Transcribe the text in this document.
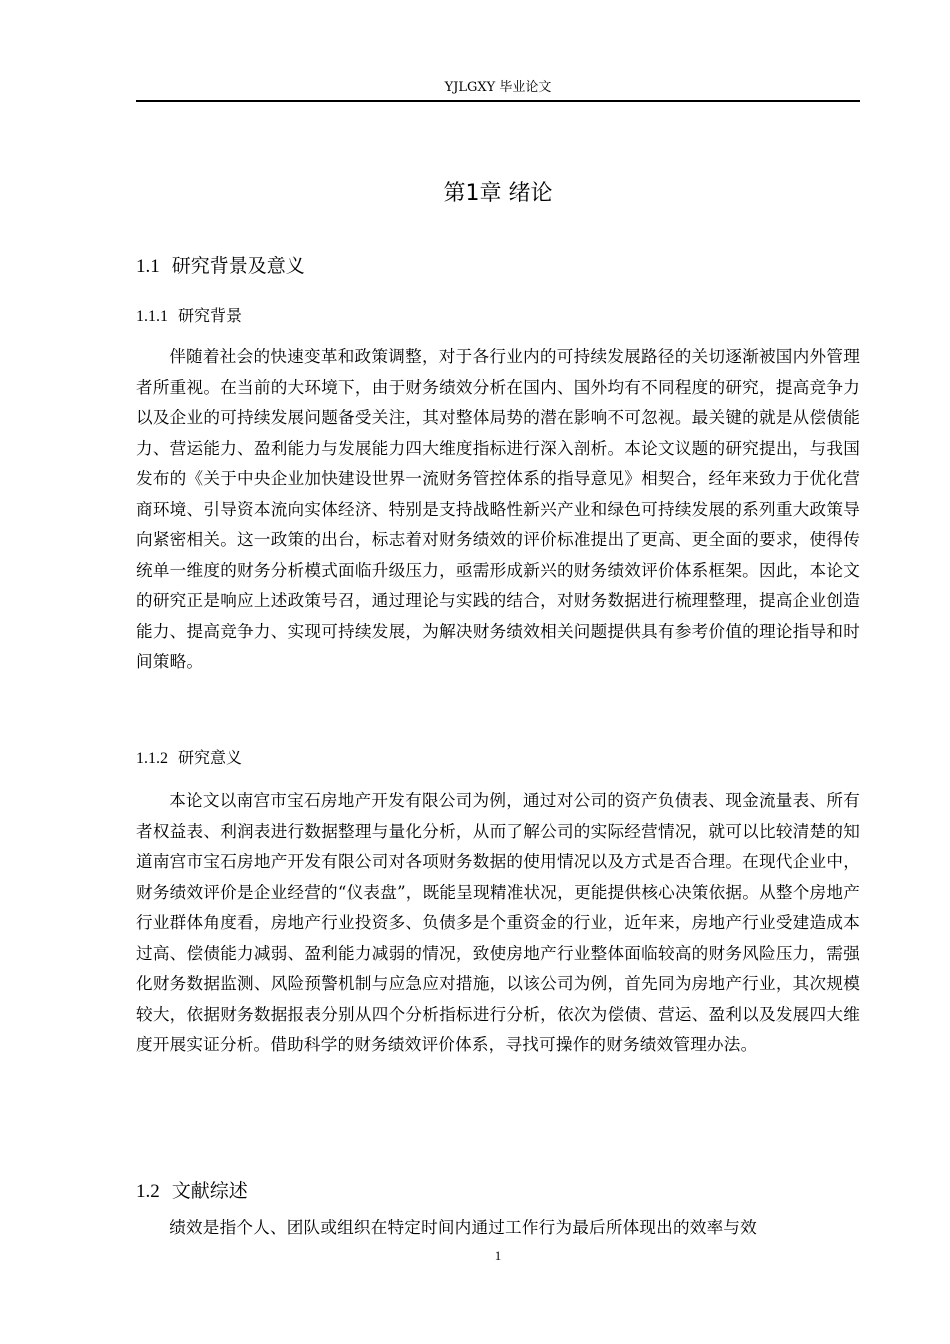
YJLGXY 毕业论文
第1章 绪论
1.1 研究背景及意义
1.1.1 研究背景

伴随着社会的快速变革和政策调整，对于各行业内的可持续发展路径的关切逐渐被国内外管理者所重视。在当前的大环境下，由于财务绩效分析在国内、国外均有不同程度的研究，提高竞争力以及企业的可持续发展问题备受关注，其对整体局势的潜在影响不可忽视。最关键的就是从偿债能力、营运能力、盈利能力与发展能力四大维度指标进行深入剖析。本论文议题的研究提出，与我国发布的《关于中央企业加快建设世界一流财务管控体系的指导意见》相契合，经年来致力于优化营商环境、引导资本流向实体经济、特别是支持战略性新兴产业和绿色可持续发展的系列重大政策导向紧密相关。这一政策的出台，标志着对财务绩效的评价标准提出了更高、更全面的要求，使得传统单一维度的财务分析模式面临升级压力，亟需形成新兴的财务绩效评价体系框架。因此，本论文的研究正是响应上述政策号召，通过理论与实践的结合，对财务数据进行梳理整理，提高企业创造能力、提高竞争力、实现可持续发展，为解决财务绩效相关问题提供具有参考价值的理论指导和时间策略。

1.1.2 研究意义

本论文以南宫市宝石房地产开发有限公司为例，通过对公司的资产负债表、现金流量表、所有者权益表、利润表进行数据整理与量化分析，从而了解公司的实际经营情况，就可以比较清楚的知道南宫市宝石房地产开发有限公司对各项财务数据的使用情况以及方式是否合理。在现代企业中，财务绩效评价是企业经营的“仪表盘”，既能呈现精准状况，更能提供核心决策依据。从整个房地产行业群体角度看，房地产行业投资多、负债多是个重资金的行业，近年来，房地产行业受建造成本过高、偿债能力减弱、盈利能力减弱的情况，致使房地产行业整体面临较高的财务风险压力，需强化财务数据监测、风险预警机制与应急应对措施，以该公司为例，首先同为房地产行业，其次规模较大，依据财务数据报表分别从四个分析指标进行分析，依次为偿债、营运、盈利以及发展四大维度开展实证分析。借助科学的财务绩效评价体系，寻找可操作的财务绩效管理办法。

1.2 文献综述

绩效是指个人、团队或组织在特定时间内通过工作行为最后所体现出的效率与效

1
